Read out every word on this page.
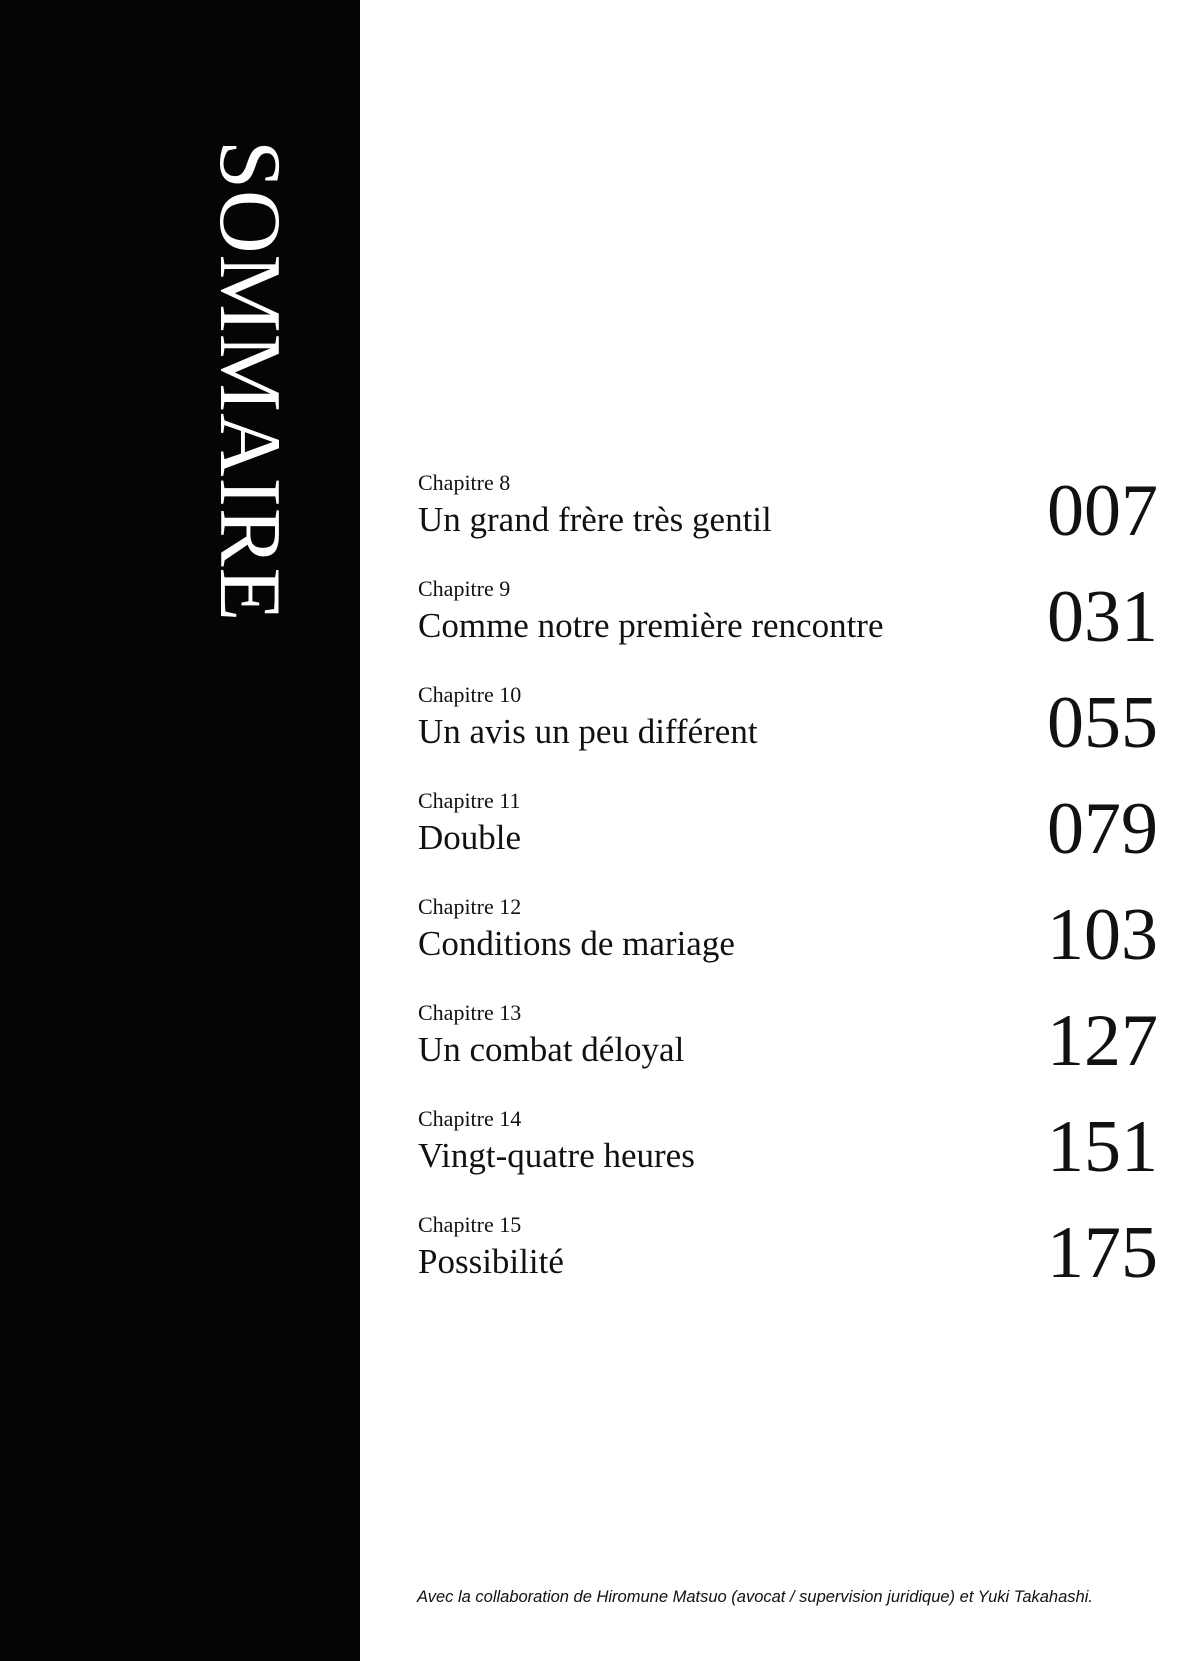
SOMMAIRE	Chapitre 8
Un grand frère très gentil	007
Chapitre 9
Comme notre première rencontre 031
Chapitre 10
Un avis un peu différent	055
Chapitre 11
Double	079
Chapitre 12
Conditions de mariage	103
Chapitre 13
Un combat déloyal	127
Chapitre 14
Vingt-quatre heures	151
Chapitre 15
Possibilité	175
Avec la collaboration de Hiromune Matsuo (avocat / supervision juridique) et Yuki Takahashi.
